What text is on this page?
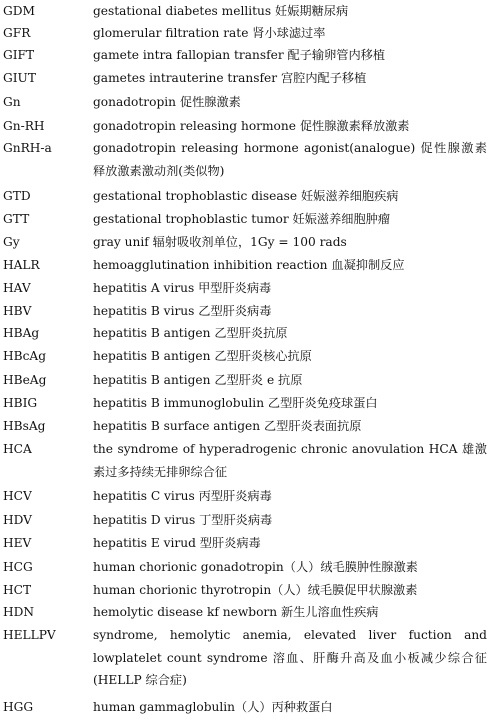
GDM	gestational diabetes mellitus 妊娠期糖尿病
GFR	glomerular filtration rate 肾小球滤过率
GIFT	gamete intra fallopian transfer 配子输卵管内移植
GIUT	gametes intrauterine transfer 宫腔内配子移植
Gn	gonadotropin 促性腺激素
Gn-RH	gonadotropin releasing hormone 促性腺激素释放激素
GnRH-a	gonadotropin releasing hormone agonist(analogue) 促性腺激素释放激素激动剂(类似物)
GTD	gestational trophoblastic disease 妊娠滋养细胞疾病
GTT	gestational trophoblastic tumor 妊娠滋养细胞肿瘤
Gy	gray unif 辐射吸收剂单位，1Gy = 100 rads
HALR	hemoagglutination inhibition reaction 血凝抑制反应
HAV	hepatitis A virus 甲型肝炎病毒
HBV	hepatitis B virus 乙型肝炎病毒
HBAg	hepatitis B antigen 乙型肝炎抗原
HBcAg	hepatitis B antigen 乙型肝炎核心抗原
HBeAg	hepatitis B antigen 乙型肝炎 e 抗原
HBIG	hepatitis B immunoglobulin 乙型肝炎免疫球蛋白
HBsAg	hepatitis B surface antigen 乙型肝炎表面抗原
HCA	the syndrome of hyperadrogenic chronic anovulation HCA 雄激素过多持续无排卵综合征
HCV	hepatitis C virus 丙型肝炎病毒
HDV	hepatitis D virus 丁型肝炎病毒
HEV	hepatitis E virud 型肝炎病毒
HCG	human chorionic gonadotropin（人）绒毛膜肿性腺激素
HCT	human chorionic thyrotropin（人）绒毛膜促甲状腺激素
HDN	hemolytic disease kf newborn 新生儿溶血性疾病
HELLPV	syndrome, hemolytic anemia, elevated liver fuction and lowplatelet count syndrome 溶血、肝酶升高及血小板减少综合征(HELLP 综合症)
HGG	human gammaglobulin（人）丙种救蛋白
